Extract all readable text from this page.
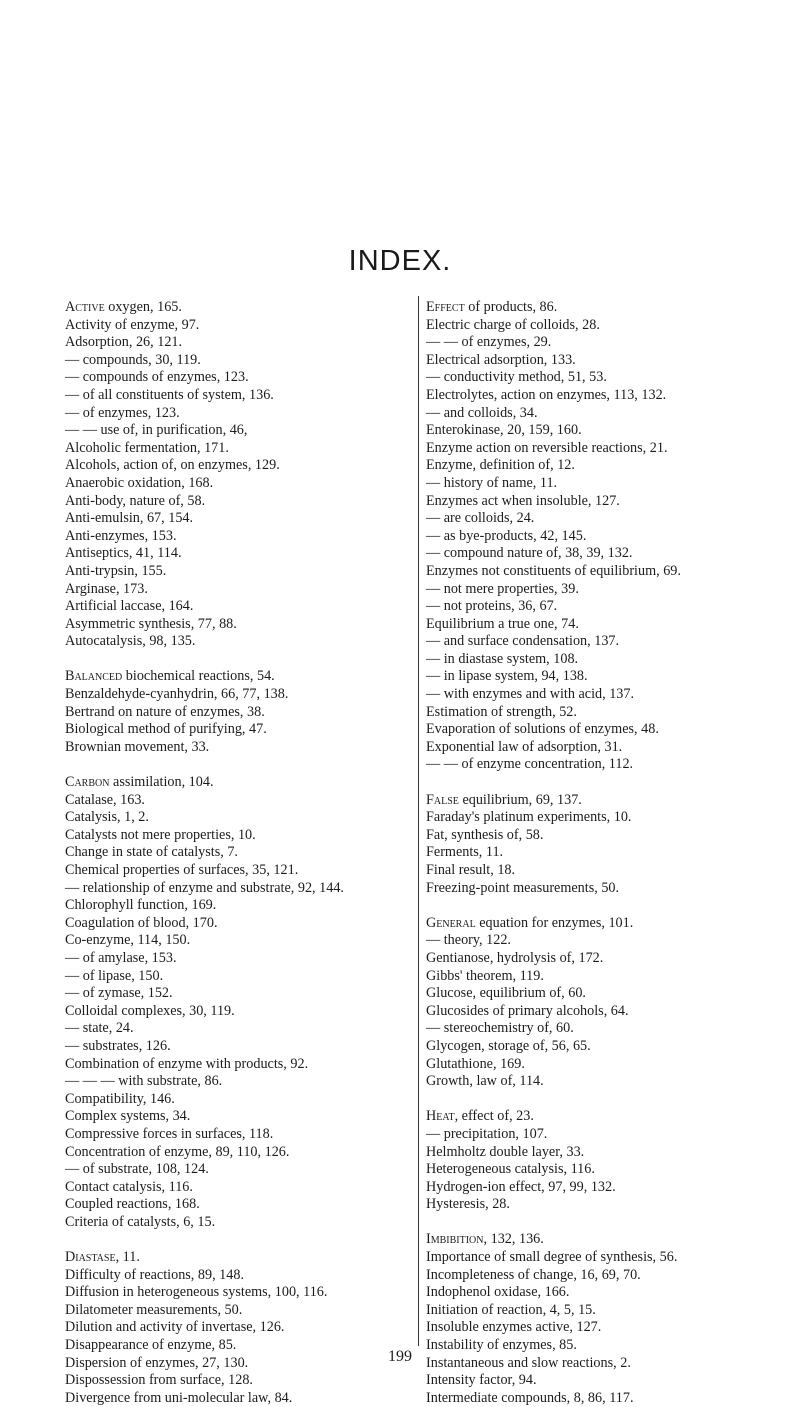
INDEX.
Active oxygen, 165.
Activity of enzyme, 97.
Adsorption, 26, 121.
— compounds, 30, 119.
— compounds of enzymes, 123.
— of all constituents of system, 136.
— of enzymes, 123.
— — use of, in purification, 46,
Alcoholic fermentation, 171.
Alcohols, action of, on enzymes, 129.
Anaerobic oxidation, 168.
Anti-body, nature of, 58.
Anti-emulsin, 67, 154.
Anti-enzymes, 153.
Antiseptics, 41, 114.
Anti-trypsin, 155.
Arginase, 173.
Artificial laccase, 164.
Asymmetric synthesis, 77, 88.
Autocatalysis, 98, 135.
Balanced biochemical reactions, 54.
Benzaldehyde-cyanhydrin, 66, 77, 138.
Bertrand on nature of enzymes, 38.
Biological method of purifying, 47.
Brownian movement, 33.
Carbon assimilation, 104.
Catalase, 163.
Catalysis, 1, 2.
Catalysts not mere properties, 10.
Change in state of catalysts, 7.
Chemical properties of surfaces, 35, 121.
— relationship of enzyme and substrate, 92, 144.
Chlorophyll function, 169.
Coagulation of blood, 170.
Co-enzyme, 114, 150.
— of amylase, 153.
— of lipase, 150.
— of zymase, 152.
Colloidal complexes, 30, 119.
— state, 24.
— substrates, 126.
Combination of enzyme with products, 92.
— — — with substrate, 86.
Compatibility, 146.
Complex systems, 34.
Compressive forces in surfaces, 118.
Concentration of enzyme, 89, 110, 126.
— of substrate, 108, 124.
Contact catalysis, 116.
Coupled reactions, 168.
Criteria of catalysts, 6, 15.
Diastase, 11.
Difficulty of reactions, 89, 148.
Diffusion in heterogeneous systems, 100, 116.
Dilatometer measurements, 50.
Dilution and activity of invertase, 126.
Disappearance of enzyme, 85.
Dispersion of enzymes, 27, 130.
Dispossession from surface, 128.
Divergence from uni-molecular law, 84.
Effect of products, 86.
Electric charge of colloids, 28.
— — of enzymes, 29.
Electrical adsorption, 133.
— conductivity method, 51, 53.
Electrolytes, action on enzymes, 113, 132.
— and colloids, 34.
Enterokinase, 20, 159, 160.
Enzyme action on reversible reactions, 21.
Enzyme, definition of, 12.
— history of name, 11.
Enzymes act when insoluble, 127.
— are colloids, 24.
— as bye-products, 42, 145.
— compound nature of, 38, 39, 132.
Enzymes not constituents of equilibrium, 69.
— not mere properties, 39.
— not proteins, 36, 67.
Equilibrium a true one, 74.
— and surface condensation, 137.
— in diastase system, 108.
— in lipase system, 94, 138.
— with enzymes and with acid, 137.
Estimation of strength, 52.
Evaporation of solutions of enzymes, 48.
Exponential law of adsorption, 31.
— — of enzyme concentration, 112.
False equilibrium, 69, 137.
Faraday's platinum experiments, 10.
Fat, synthesis of, 58.
Ferments, 11.
Final result, 18.
Freezing-point measurements, 50.
General equation for enzymes, 101.
— theory, 122.
Gentianose, hydrolysis of, 172.
Gibbs' theorem, 119.
Glucose, equilibrium of, 60.
Glucosides of primary alcohols, 64.
— stereochemistry of, 60.
Glycogen, storage of, 56, 65.
Glutathione, 169.
Growth, law of, 114.
Heat, effect of, 23.
— precipitation, 107.
Helmholtz double layer, 33.
Heterogeneous catalysis, 116.
Hydrogen-ion effect, 97, 99, 132.
Hysteresis, 28.
Imbibition, 132, 136.
Importance of small degree of synthesis, 56.
Incompleteness of change, 16, 69, 70.
Indophenol oxidase, 166.
Initiation of reaction, 4, 5, 15.
Insoluble enzymes active, 127.
Instability of enzymes, 85.
Instantaneous and slow reactions, 2.
Intensity factor, 94.
Intermediate compounds, 8, 86, 117.
199
